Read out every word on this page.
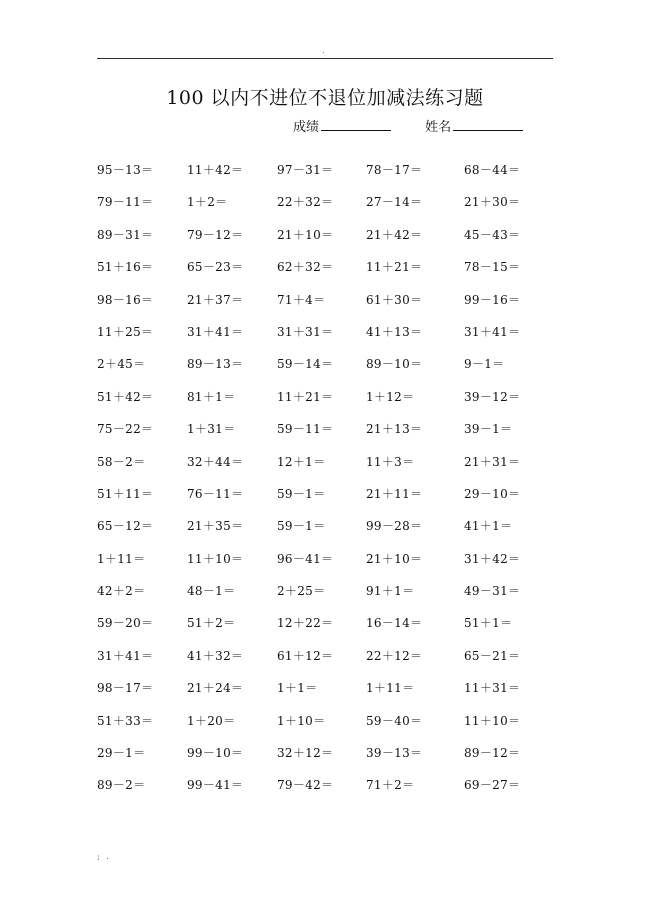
.
100 以内不进位不退位加减法练习题
成绩	姓名
95－13＝	11＋42＝	97－31＝	78－17＝	68－44＝
79－11＝	1＋2＝	22＋32＝	27－14＝	21＋30＝
89－31＝	79－12＝	21＋10＝	21＋42＝	45－43＝
51＋16＝	65－23＝	62＋32＝	11＋21＝	78－15＝
98－16＝	21＋37＝	71＋4＝	61＋30＝	99－16＝
11＋25＝	31＋41＝	31＋31＝	41＋13＝	31＋41＝
2＋45＝	89－13＝	59－14＝	89－10＝	9－1＝
51＋42＝	81＋1＝	11＋21＝	1＋12＝	39－12＝
75－22＝	1＋31＝	59－11＝	21＋13＝	39－1＝
58－2＝	32＋44＝	12＋1＝	11＋3＝	21＋31＝
51＋11＝	76－11＝	59－1＝	21＋11＝	29－10＝
65－12＝	21＋35＝	59－1＝	99－28＝	41＋1＝
1＋11＝	11＋10＝	96－41＝	21＋10＝	31＋42＝
42＋2＝	48－1＝	2＋25＝	91＋1＝	49－31＝
59－20＝	51＋2＝	12＋22＝	16－14＝	51＋1＝
31＋41＝	41＋32＝	61＋12＝	22＋12＝	65－21＝
98－17＝	21＋24＝	1＋1＝	1＋11＝	11＋31＝
51＋33＝	1＋20＝	1＋10＝	59－40＝	11＋10＝
29－1＝	99－10＝	32＋12＝	39－13＝	89－12＝
89－2＝	99－41＝	79－42＝	71＋2＝	69－27＝
; .
